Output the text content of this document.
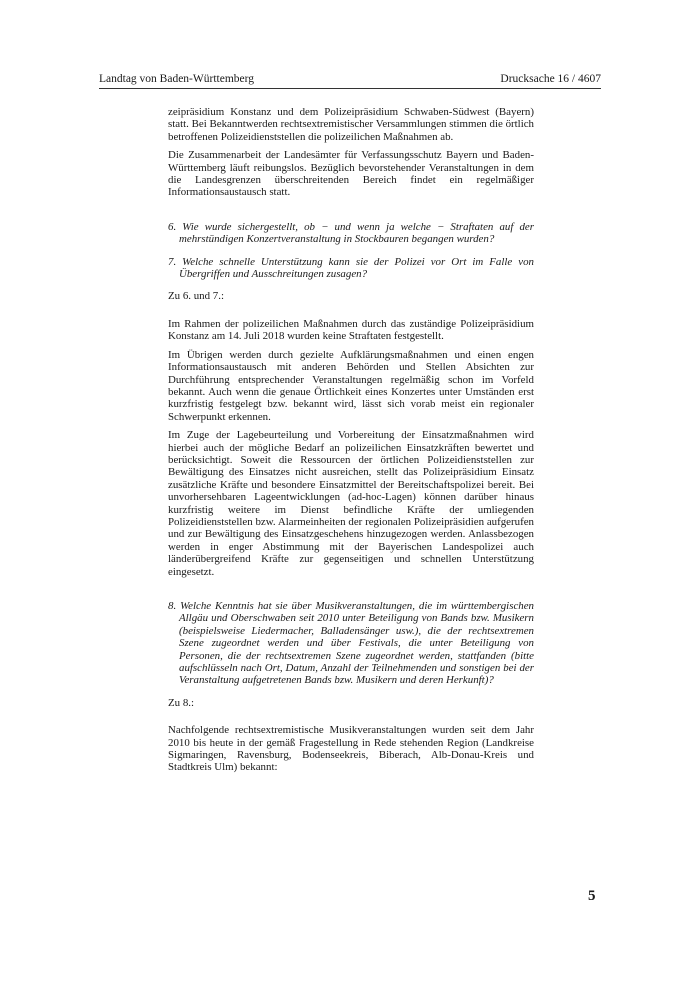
Landtag von Baden-Württemberg	Drucksache 16 / 4607

zeipräsidium Konstanz und dem Polizeipräsidium Schwaben-Südwest (Bayern) statt. Bei Bekanntwerden rechtsextremistischer Versammlungen stimmen die örtlich betroffenen Polizeidienststellen die polizeilichen Maßnahmen ab.

Die Zusammenarbeit der Landesämter für Verfassungsschutz Bayern und Baden-Württemberg läuft reibungslos. Bezüglich bevorstehender Veranstaltungen in dem die Landesgrenzen überschreitenden Bereich findet ein regelmäßiger Informationsaustausch statt.

6. Wie wurde sichergestellt, ob − und wenn ja welche − Straftaten auf der mehrstündigen Konzertveranstaltung in Stockbauren begangen wurden?

7. Welche schnelle Unterstützung kann sie der Polizei vor Ort im Falle von Übergriffen und Ausschreitungen zusagen?

Zu 6. und 7.:

Im Rahmen der polizeilichen Maßnahmen durch das zuständige Polizeipräsidium Konstanz am 14. Juli 2018 wurden keine Straftaten festgestellt.

Im Übrigen werden durch gezielte Aufklärungsmaßnahmen und einen engen Informationsaustausch mit anderen Behörden und Stellen Absichten zur Durchführung entsprechender Veranstaltungen regelmäßig schon im Vorfeld bekannt. Auch wenn die genaue Örtlichkeit eines Konzertes unter Umständen erst kurzfristig festgelegt bzw. bekannt wird, lässt sich vorab meist ein regionaler Schwerpunkt erkennen.

Im Zuge der Lagebeurteilung und Vorbereitung der Einsatzmaßnahmen wird hierbei auch der mögliche Bedarf an polizeilichen Einsatzkräften bewertet und berücksichtigt. Soweit die Ressourcen der örtlichen Polizeidienststellen zur Bewältigung des Einsatzes nicht ausreichen, stellt das Polizeipräsidium Einsatz zusätzliche Kräfte und besondere Einsatzmittel der Bereitschaftspolizei bereit. Bei unvorhersehbaren Lageentwicklungen (ad-hoc-Lagen) können darüber hinaus kurzfristig weitere im Dienst befindliche Kräfte der umliegenden Polizeidienststellen bzw. Alarmeinheiten der regionalen Polizeipräsidien aufgerufen und zur Bewältigung des Einsatzgeschehens hinzugezogen werden. Anlassbezogen werden in enger Abstimmung mit der Bayerischen Landespolizei auch länderübergreifend Kräfte zur gegenseitigen und schnellen Unterstützung eingesetzt.

8. Welche Kenntnis hat sie über Musikveranstaltungen, die im württembergischen Allgäu und Oberschwaben seit 2010 unter Beteiligung von Bands bzw. Musikern (beispielsweise Liedermacher, Balladensänger usw.), die der rechtsextremen Szene zugeordnet werden und über Festivals, die unter Beteiligung von Personen, die der rechtsextremen Szene zugeordnet werden, stattfanden (bitte aufschlüsseln nach Ort, Datum, Anzahl der Teilnehmenden und sonstigen bei der Veranstaltung aufgetretenen Bands bzw. Musikern und deren Herkunft)?

Zu 8.:

Nachfolgende rechtsextremistische Musikveranstaltungen wurden seit dem Jahr 2010 bis heute in der gemäß Fragestellung in Rede stehenden Region (Landkreise Sigmaringen, Ravensburg, Bodenseekreis, Biberach, Alb-Donau-Kreis und Stadtkreis Ulm) bekannt:

5
